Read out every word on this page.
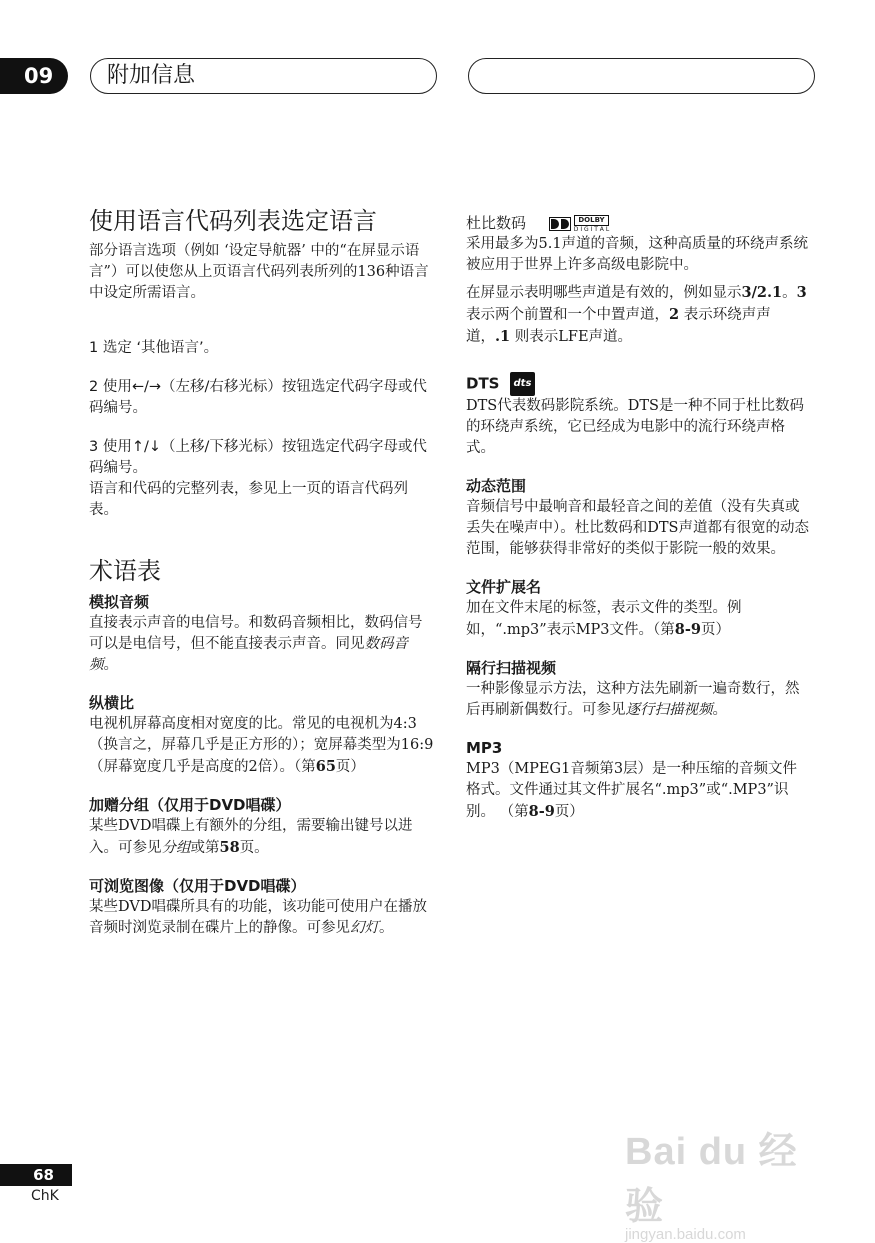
09	附加信息
使用语言代码列表选定语言

部分语言选项（例如 ‘设定导航器’ 中的“在屏显示语言”）可以使您从上页语言代码列表所列的136种语言中设定所需语言。

1 选定 ‘其他语言’。

2 使用←/→（左移/右移光标）按钮选定代码字母或代码编号。

3 使用↑/↓（上移/下移光标）按钮选定代码字母或代码编号。

语言和代码的完整列表，参见上一页的语言代码列表。

术语表

模拟音频

直接表示声音的电信号。和数码音频相比，数码信号可以是电信号，但不能直接表示声音。同见数码音频。

纵横比

电视机屏幕高度相对宽度的比。常见的电视机为4:3（换言之，屏幕几乎是正方形的）；宽屏幕类型为16:9（屏幕宽度几乎是高度的2倍）。（第65页）

加赠分组（仅用于DVD唱碟）

某些DVD唱碟上有额外的分组，需要输出键号以进入。可参见分组或第58页。

可浏览图像（仅用于DVD唱碟）

某些DVD唱碟所具有的功能，该功能可使用户在播放音频时浏览录制在碟片上的静像。可参见幻灯。

杜比数码	DOLBY
D I G I T A L

采用最多为5.1声道的音频，这种高质量的环绕声系统被应用于世界上许多高级电影院中。

在屏显示表明哪些声道是有效的，例如显示3/2.1。3 表示两个前置和一个中置声道，2 表示环绕声声道，.1 则表示LFE声道。

DTS dts

DTS代表数码影院系统。DTS是一种不同于杜比数码的环绕声系统，它已经成为电影中的流行环绕声格式。

动态范围

音频信号中最响音和最轻音之间的差值（没有失真或丢失在噪声中）。杜比数码和DTS声道都有很宽的动态范围，能够获得非常好的类似于影院一般的效果。

文件扩展名

加在文件末尾的标签，表示文件的类型。例如，“.mp3”表示MP3文件。（第8-9页）

隔行扫描视频

一种影像显示方法，这种方法先刷新一遍奇数行，然后再刷新偶数行。可参见逐行扫描视频。

MP3

MP3（MPEG1音频第3层）是一种压缩的音频文件格式。文件通过其文件扩展名“.mp3”或“.MP3”识别。 （第8-9页）

68
ChK
Bai du 经验
jingyan.baidu.com
